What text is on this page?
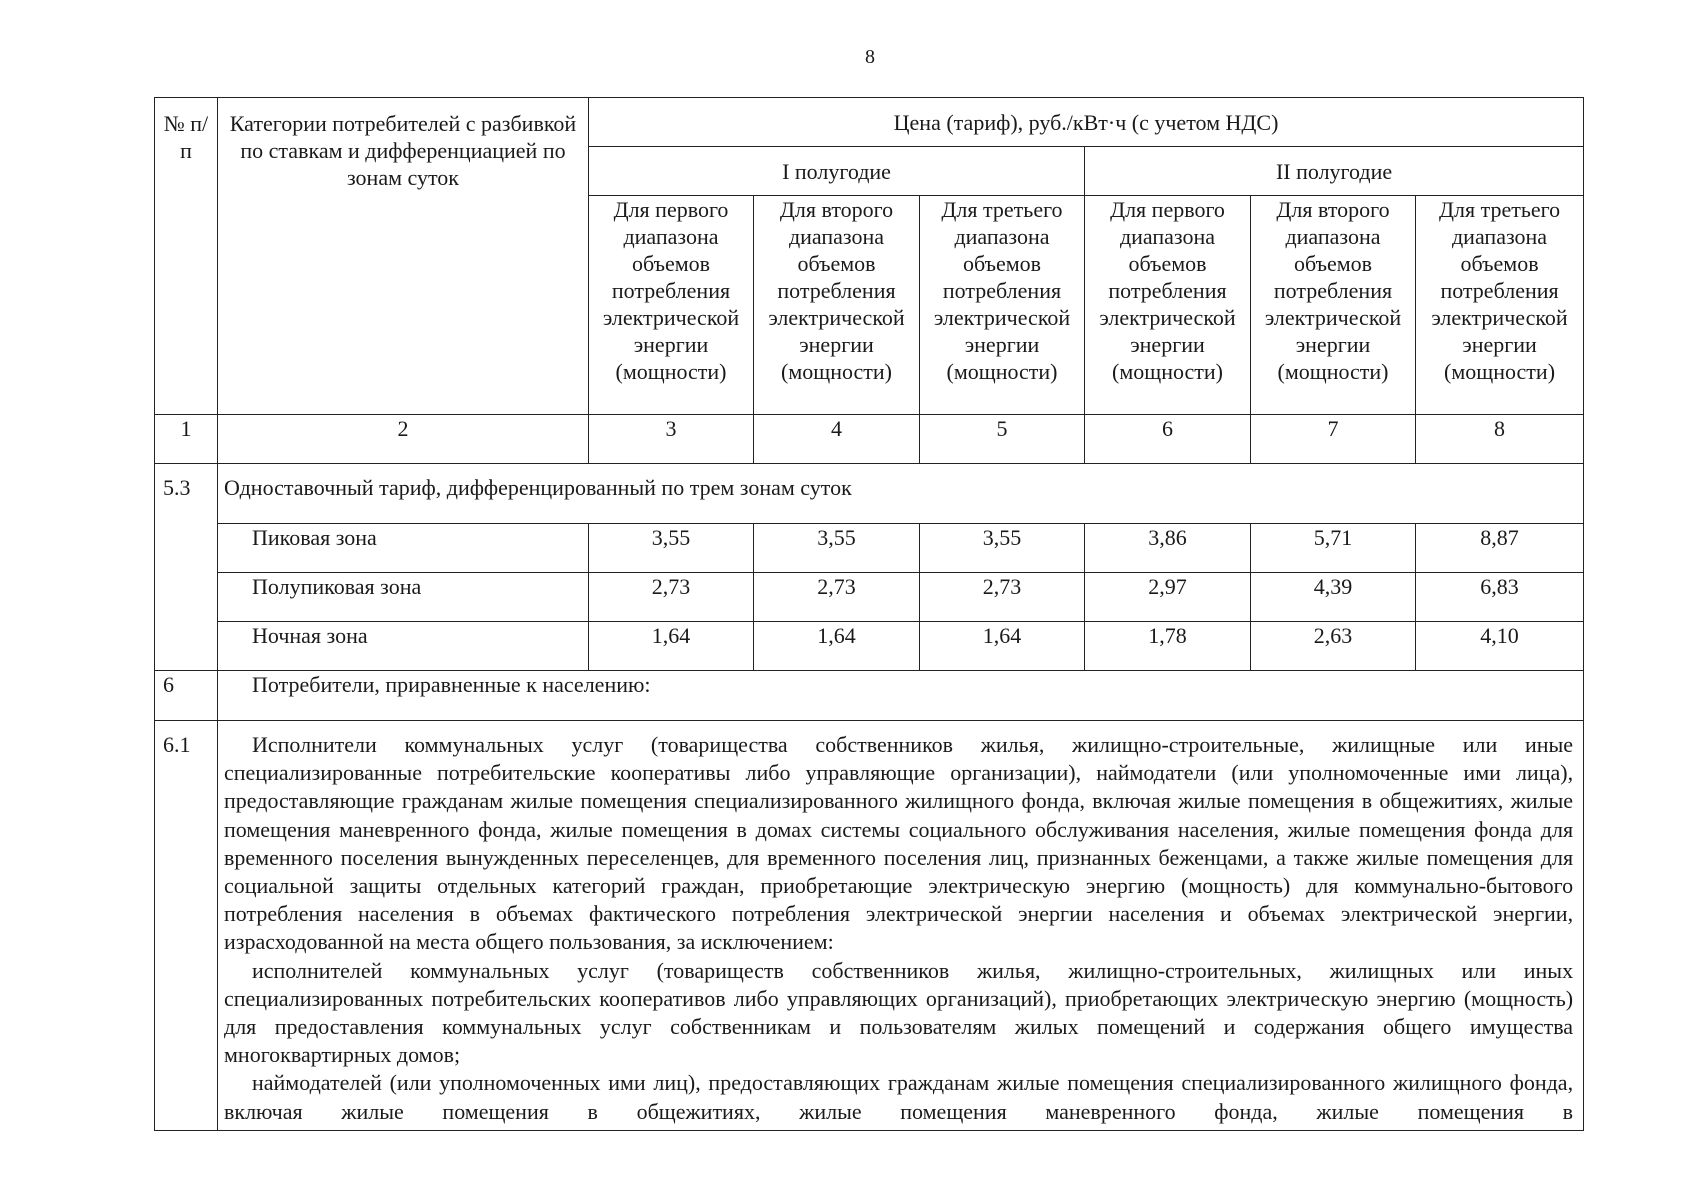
8
№ п/п	Категории потребителей с разбивкой по ставкам и дифференциацией по зонам суток	Цена (тариф), руб./кВт·ч (с учетом НДС)					
		I полугодие			II полугодие		
		Для первого диапазона объемов потребления электрической энергии (мощности)	Для второго диапазона объемов потребления электрической энергии (мощности)	Для третьего диапазона объемов потребления электрической энергии (мощности)	Для первого диапазона объемов потребления электрической энергии (мощности)	Для второго диапазона объемов потребления электрической энергии (мощности)	Для третьего диапазона объемов потребления электрической энергии (мощности)
1	2	3	4	5	6	7	8
5.3	Одноставочный тариф, дифференцированный по трем зонам суток						
	Пиковая зона	3,55	3,55	3,55	3,86	5,71	8,87
	Полупиковая зона	2,73	2,73	2,73	2,97	4,39	6,83
	Ночная зона	1,64	1,64	1,64	1,78	2,63	4,10
6	Потребители, приравненные к населению:						
6.1	Исполнители коммунальных услуг (товарищества собственников жилья, жилищно-строительные, жилищные или иные специализированные потребительские кооперативы либо управляющие организации), наймодатели (или уполномоченные ими лица), предоставляющие гражданам жилые помещения специализированного жилищного фонда, включая жилые помещения в общежитиях, жилые помещения маневренного фонда, жилые помещения в домах системы социального обслуживания населения, жилые помещения фонда для временного поселения вынужденных переселенцев, для временного поселения лиц, признанных беженцами, а также жилые помещения для социальной защиты отдельных категорий граждан, приобретающие электрическую энергию (мощность) для коммунально-бытового потребления населения в объемах фактического потребления электрической энергии населения и объемах электрической энергии, израсходованной на места общего пользования, за исключением:

исполнителей коммунальных услуг (товариществ собственников жилья, жилищно-строительных, жилищных или иных специализированных потребительских кооперативов либо управляющих организаций), приобретающих электрическую энергию (мощность) для предоставления коммунальных услуг собственникам и пользователям жилых помещений и содержания общего имущества многоквартирных домов;

наймодателей (или уполномоченных ими лиц), предоставляющих гражданам жилые помещения специализированного жилищного фонда, включая жилые помещения в общежитиях, жилые помещения маневренного фонда, жилые помещения в						
